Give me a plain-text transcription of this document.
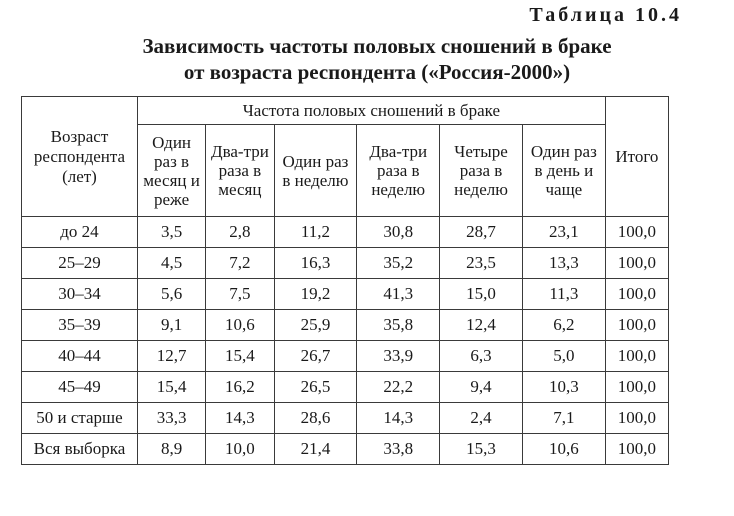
Таблица 10.4
Зависимость частоты половых сношений в браке
от возраста респондента («Россия-2000»)
Возраст респондента (лет)	Частота половых сношений в браке						Итого
	Один раз в месяц и реже	Два-три раза в месяц	Один раз в неделю	Два-три раза в неделю	Четыре раза в неделю	Один раз в день и чаще	
до 24	3,5	2,8	11,2	30,8	28,7	23,1	100,0
25–29	4,5	7,2	16,3	35,2	23,5	13,3	100,0
30–34	5,6	7,5	19,2	41,3	15,0	11,3	100,0
35–39	9,1	10,6	25,9	35,8	12,4	6,2	100,0
40–44	12,7	15,4	26,7	33,9	6,3	5,0	100,0
45–49	15,4	16,2	26,5	22,2	9,4	10,3	100,0
50 и старше	33,3	14,3	28,6	14,3	2,4	7,1	100,0
Вся выборка	8,9	10,0	21,4	33,8	15,3	10,6	100,0
